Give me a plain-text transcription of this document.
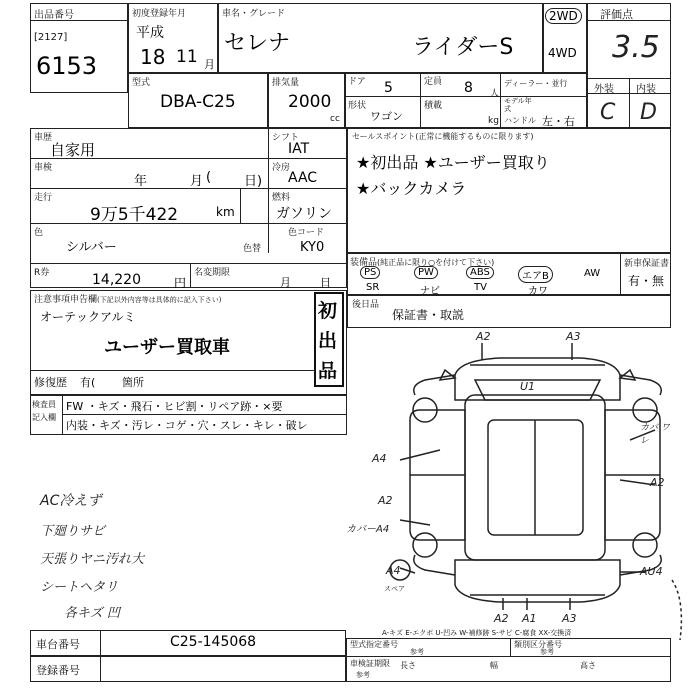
出品番号
[2127]
6153
初度登録年月
平成
18 11 月
車名・グレード
セレナ	ライダーS
2WD
4WD
評価点
3.5
外装 内装
C D
型式
DBA-C25
排気量
2000
cc
ドア 5	定員 8 人
ディーラー・並行
形状
ワゴン
積載
kg
モデル年式
ハンドル 左・右
車歴
自家用
シフト
IAT
車検
年	月 (	日)
冷房
AAC
走行
9万5千422	km
燃料
ガソリン
色
シルバー	色替
色コード
KY0
R券	14,220	円
名変期限
月	日
セールスポイント(正常に機能するものに限ります)
★初出品 ★ユーザー買取り
★バックカメラ
装備品(純正品に限り○を付けて下さい)
PS	PW	ABS	エアB	AW
SR	ナビ	TV	カワ
新車保証書
有・無
後日品
保証書・取説
注意事項申告欄(下記以外内容等は具体的に記入下さい)
オーテックアルミ
ユーザー買取車
初
出
品
修復歴 有( 箇所
検査員記入欄
FW ・キズ・飛石・ヒビ割・リペア跡・×要
内装・キズ・汚レ・コゲ・穴・スレ・キレ・破レ
AC冷えず
下廻りサビ
天張りヤニ汚れ大
シートヘタリ
各キズ 凹
A2	A3
U1
A4
A2
A4
A2
AU4
A2 A1 A3
カバ ワレ
カバーA4
スペア
A-キズ E-エクボ U-凹み W-補修跡 S-サビ C-腐食 XX-交換済
車台番号	C25-145068
登録番号
型式指定番号
参考
類別区分番号
参考
車検証期限
参考
長さ	幅	高さ
